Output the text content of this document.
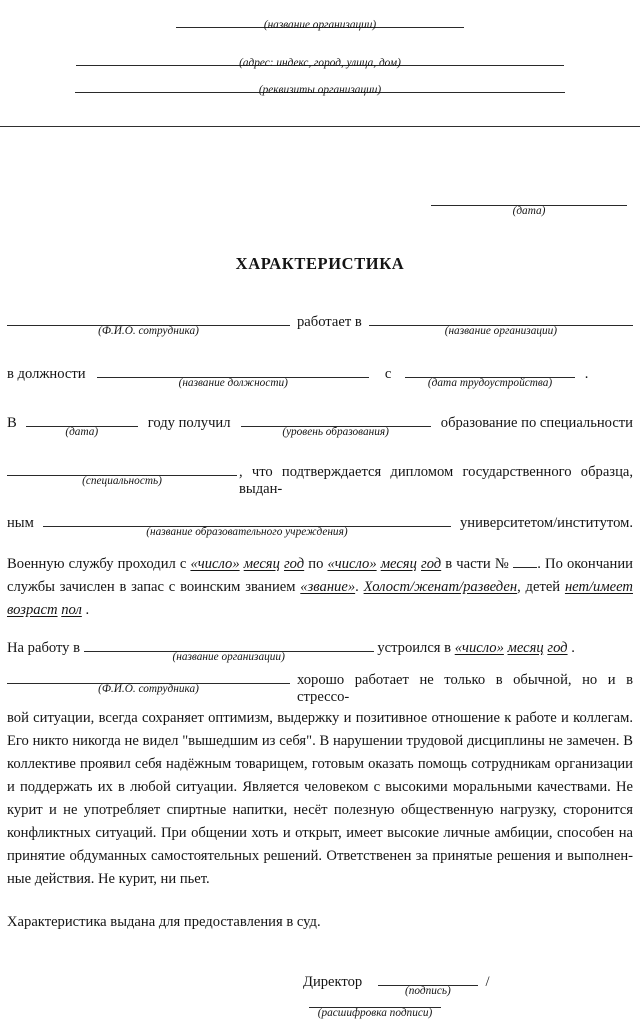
(название организации)
(адрес: индекс, город, улица, дом)
(реквизиты организации)
(дата)
ХАРАКТЕРИСТИКА
(Ф.И.О. сотрудника)
работает в
(название организации)
в должности
(название должности)
с
(дата трудоустройства)
.
В
(дата)
году получил
(уровень образования)
образование по специальности
(специальность)
, что подтверждается дипломом государственного образца, выдан-
ным
(название образовательного учреждения)
университетом/институтом.
Военную службу проходил с «число» месяц год по «число» месяц год в части № . По окончании
службы зачислен в запас с воинским званием «звание». Холост/женат/разведен, детей нет/имеет
возраст пол .
На работу в
(название организации)
устроился в «число» месяц год .
(Ф.И.О. сотрудника)
хорошо работает не только в обычной, но и в стрессо-
вой ситуации, всегда сохраняет оптимизм, выдержку и позитивное отношение к работе и коллегам.
Его никто никогда не видел "вышедшим из себя". В нарушении трудовой дисциплины не замечен. В
коллективе проявил себя надёжным товарищем, готовым оказать помощь сотрудникам организации
и поддержать их в любой ситуации. Является человеком с высокими моральными качествами. Не
курит и не употребляет спиртные напитки, несёт полезную общественную нагрузку, сторонится
конфликтных ситуаций. При общении хоть и открыт, имеет высокие личные амбиции, способен на
принятие обдуманных самостоятельных решений. Ответственен за принятые решения и выполнен-
ные действия. Не курит, ни пьет.
Характеристика выдана для предоставления в суд.
Директор
(подпись)
/
(расшифровка подписи)
